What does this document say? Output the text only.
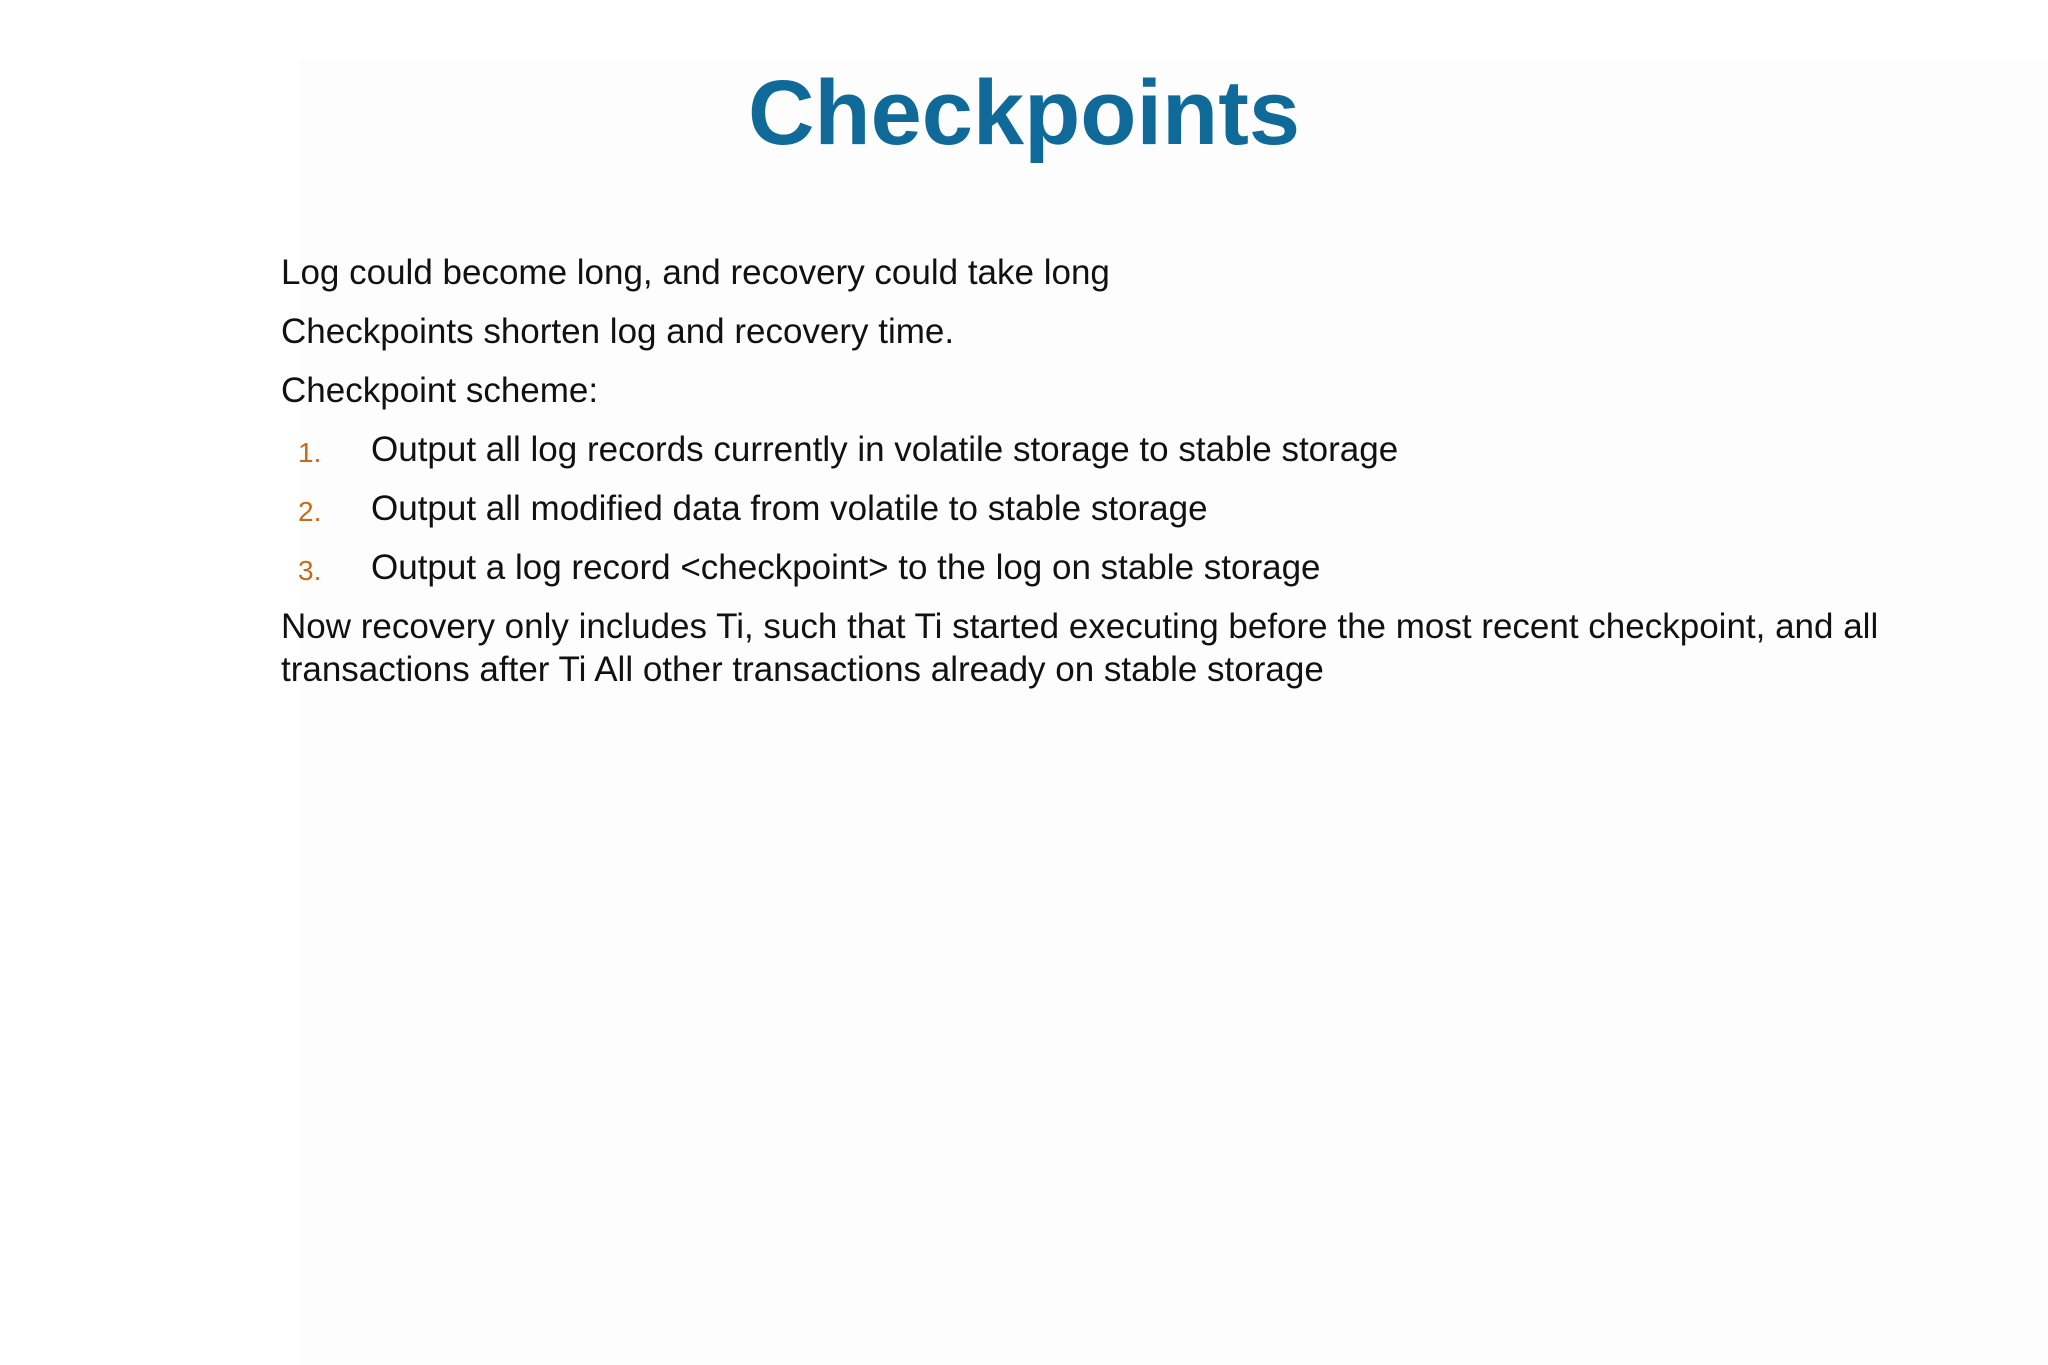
Checkpoints

Log could become long, and recovery could take long

Checkpoints shorten log and recovery time.

Checkpoint scheme:

1. Output all log records currently in volatile storage to stable storage
2. Output all modified data from volatile to stable storage
3. Output a log record <checkpoint> to the log on stable storage

Now recovery only includes Ti, such that Ti started executing before the most recent checkpoint, and all transactions after Ti All other transactions already on stable storage
